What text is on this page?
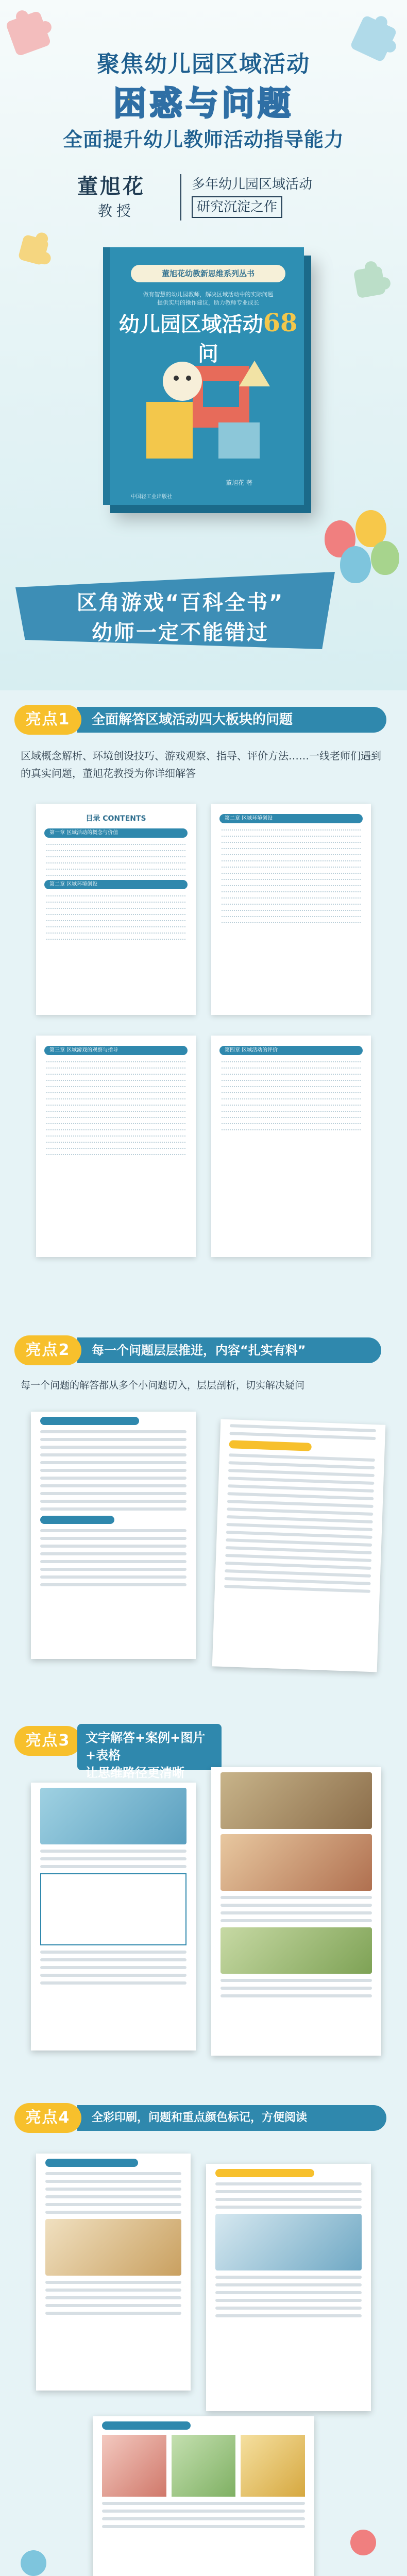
聚焦幼儿园区域活动
困惑与问题
全面提升幼儿教师活动指导能力
董旭花
教授
多年幼儿园区域活动
研究沉淀之作
董旭花幼教新思维系列丛书
做有智慧的幼儿园教师，解决区域活动中的实际问题
提供实用的操作建议，助力教师专业成长
幼儿园区域活动68问
董旭花 著
中国轻工业出版社
区角游戏“百科全书”
幼师一定不能错过
全面解答区域活动四大板块的问题
亮点1
区域概念解析、环境创设技巧、游戏观察、指导、评价方法……一线老师们遇到的真实问题，董旭花教授为你详细解答
目录 CONTENTS
第一章 区域活动的概念与价值
第二章 区域环境创设
第二章 区域环境创设
第三章 区域游戏的观察与指导	第四章 区域活动的评价
每一个问题层层推进，内容“扎实有料”
亮点2
每一个问题的解答都从多个小问题切入，层层剖析，切实解决疑问
亮点3	文字解答+案例+图片+表格
让思维路径更清晰
全彩印刷，问题和重点颜色标记，方便阅读
亮点4
